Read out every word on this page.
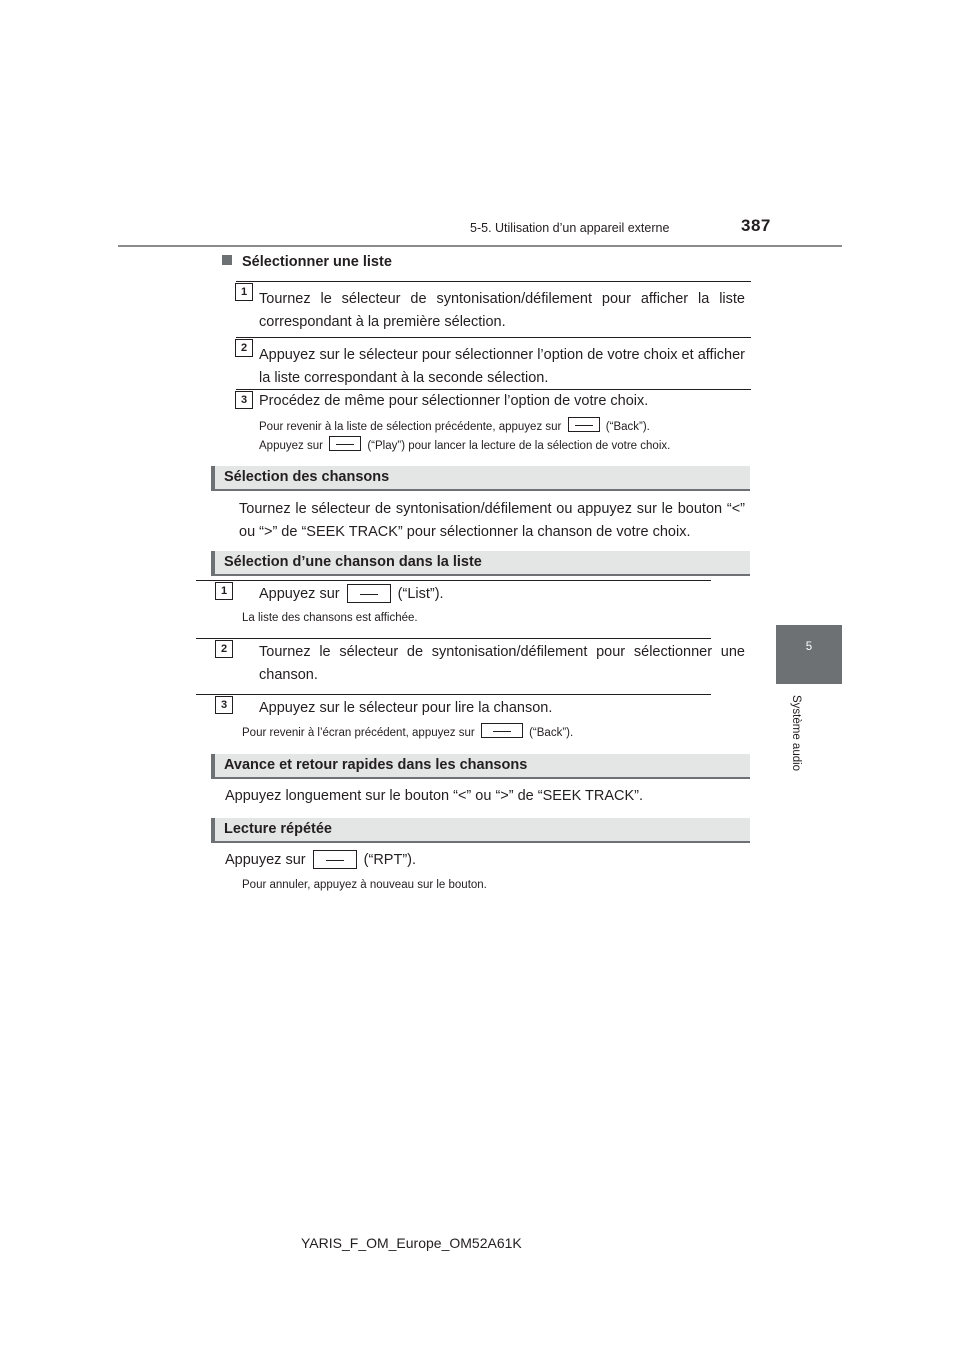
5-5. Utilisation d’un appareil externe	387
5
Système audio
Sélectionner une liste
1 Tournez le sélecteur de syntonisation/défilement pour afficher la liste correspondant à la première sélection.
2 Appuyez sur le sélecteur pour sélectionner l’option de votre choix et afficher la liste correspondant à la seconde sélection.
3 Procédez de même pour sélectionner l’option de votre choix.
Pour revenir à la liste de sélection précédente, appuyez sur	(“Back”).
Appuyez sur	(“Play”) pour lancer la lecture de la sélection de votre choix.
Sélection des chansons
Tournez le sélecteur de syntonisation/défilement ou appuyez sur le bouton “<” ou “>” de “SEEK TRACK” pour sélectionner la chanson de votre choix.
Sélection d’une chanson dans la liste
1	Appuyez sur	(“List”).
La liste des chansons est affichée.
2	Tournez le sélecteur de syntonisation/défilement pour sélectionner une chanson.
3	Appuyez sur le sélecteur pour lire la chanson.
Pour revenir à l’écran précédent, appuyez sur	(“Back”).
Avance et retour rapides dans les chansons
Appuyez longuement sur le bouton “<” ou “>” de “SEEK TRACK”.
Lecture répétée
Appuyez sur	(“RPT”).
Pour annuler, appuyez à nouveau sur le bouton.
YARIS_F_OM_Europe_OM52A61K
